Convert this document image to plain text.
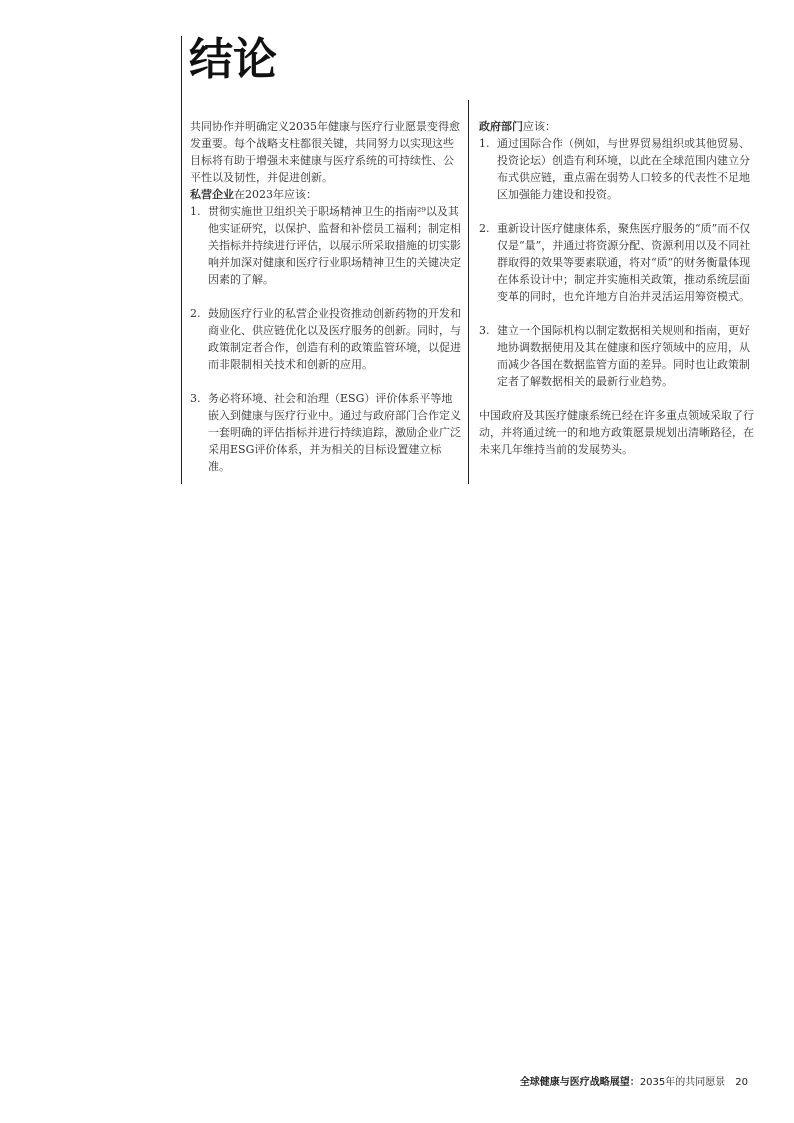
结论

共同协作并明确定义2035年健康与医疗行业愿景变得愈发重要。每个战略支柱都很关键，共同努力以实现这些目标将有助于增强未来健康与医疗系统的可持续性、公平性以及韧性，并促进创新。

私营企业在2023年应该：

1. 贯彻实施世卫组织关于职场精神卫生的指南²⁹以及其他实证研究，以保护、监督和补偿员工福利；制定相关指标并持续进行评估，以展示所采取措施的切实影响并加深对健康和医疗行业职场精神卫生的关键决定因素的了解。
2. 鼓励医疗行业的私营企业投资推动创新药物的开发和商业化、供应链优化以及医疗服务的创新。同时，与政策制定者合作，创造有利的政策监管环境，以促进而非限制相关技术和创新的应用。
3. 务必将环境、社会和治理（ESG）评价体系平等地嵌入到健康与医疗行业中。通过与政府部门合作定义一套明确的评估指标并进行持续追踪，激励企业广泛采用ESG评价体系，并为相关的目标设置建立标准。

政府部门应该：

1. 通过国际合作（例如，与世界贸易组织或其他贸易、投资论坛）创造有利环境，以此在全球范围内建立分布式供应链，重点需在弱势人口较多的代表性不足地区加强能力建设和投资。
2. 重新设计医疗健康体系，聚焦医疗服务的“质”而不仅仅是“量”，并通过将资源分配、资源利用以及不同社群取得的效果等要素联通，将对“质”的财务衡量体现在体系设计中；制定并实施相关政策，推动系统层面变革的同时，也允许地方自治并灵活运用筹资模式。
3. 建立一个国际机构以制定数据相关规则和指南，更好地协调数据使用及其在健康和医疗领域中的应用，从而减少各国在数据监管方面的差异。同时也让政策制定者了解数据相关的最新行业趋势。

中国政府及其医疗健康系统已经在许多重点领域采取了行动，并将通过统一的和地方政策愿景规划出清晰路径，在未来几年维持当前的发展势头。

全球健康与医疗战略展望：2035年的共同愿景 20
